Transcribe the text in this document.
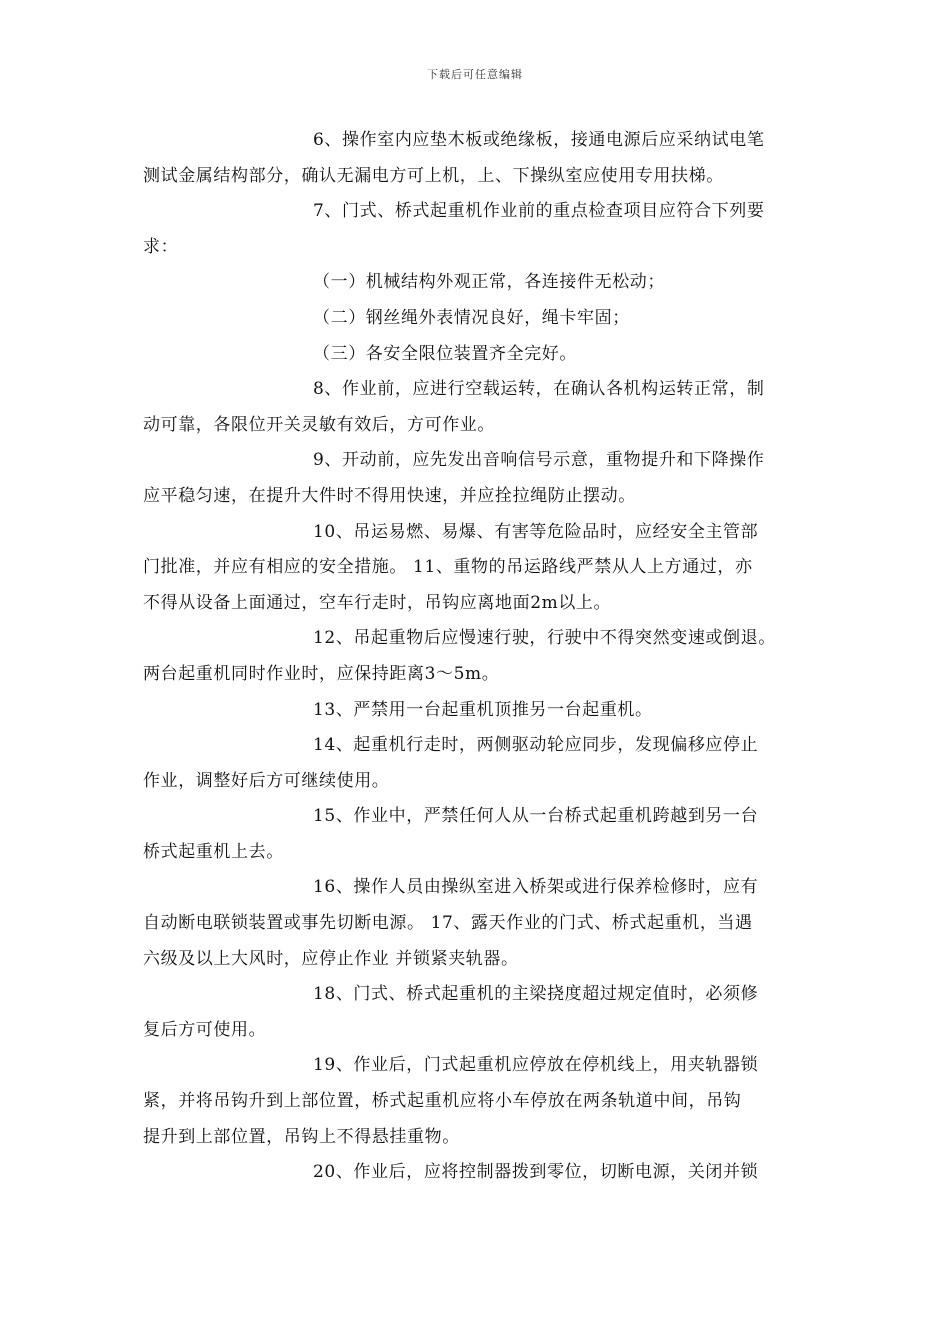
下载后可任意编辑
6、操作室内应垫木板或绝缘板，接通电源后应采纳试电笔
测试金属结构部分，确认无漏电方可上机，上、下操纵室应使用专用扶梯。
7、门式、桥式起重机作业前的重点检查项目应符合下列要
求：
（一）机械结构外观正常，各连接件无松动；
（二）钢丝绳外表情况良好，绳卡牢固；
（三）各安全限位装置齐全完好。
8、作业前，应进行空载运转，在确认各机构运转正常，制
动可靠，各限位开关灵敏有效后，方可作业。
9、开动前，应先发出音响信号示意，重物提升和下降操作
应平稳匀速，在提升大件时不得用快速，并应拴拉绳防止摆动。
10、吊运易燃、易爆、有害等危险品时，应经安全主管部
门批准，并应有相应的安全措施。 11、重物的吊运路线严禁从人上方通过，亦
不得从设备上面通过，空车行走时，吊钩应离地面2m以上。
12、吊起重物后应慢速行驶，行驶中不得突然变速或倒退。
两台起重机同时作业时，应保持距离3～5m。
13、严禁用一台起重机顶推另一台起重机。
14、起重机行走时，两侧驱动轮应同步，发现偏移应停止
作业，调整好后方可继续使用。
15、作业中，严禁任何人从一台桥式起重机跨越到另一台
桥式起重机上去。
16、操作人员由操纵室进入桥架或进行保养检修时，应有
自动断电联锁装置或事先切断电源。 17、露天作业的门式、桥式起重机，当遇
六级及以上大风时，应停止作业 并锁紧夹轨器。
18、门式、桥式起重机的主梁挠度超过规定值时，必须修
复后方可使用。
19、作业后，门式起重机应停放在停机线上，用夹轨器锁
紧，并将吊钩升到上部位置，桥式起重机应将小车停放在两条轨道中间，吊钩
提升到上部位置，吊钩上不得悬挂重物。
20、作业后，应将控制器拨到零位，切断电源，关闭并锁
